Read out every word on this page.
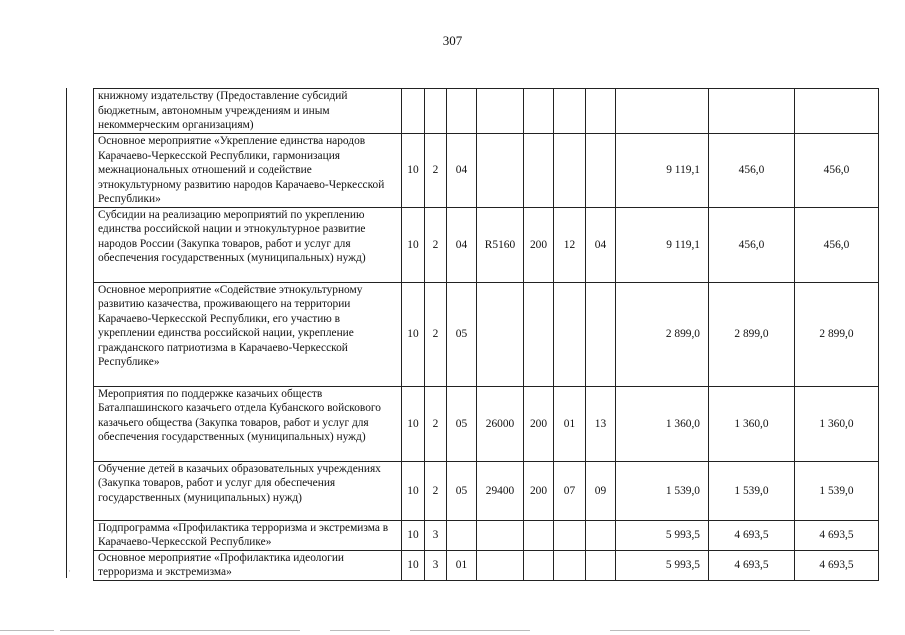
307
·
книжному издательству (Предоставление субсидий бюджетным, автономным учреждениям и иным некоммерческим организациям)										
Основное мероприятие «Укрепление единства народов Карачаево-Черкесской Республики, гармонизация межнациональных отношений и содействие этнокультурному развитию народов Карачаево-Черкесской Республики»	10	2	04					9 119,1	456,0	456,0
Субсидии на реализацию мероприятий по укреплению единства российской нации и этнокультурное развитие народов России (Закупка товаров, работ и услуг для обеспечения государственных (муниципальных) нужд)	10	2	04	R5160	200	12	04	9 119,1	456,0	456,0
Основное мероприятие «Содействие этнокультурному развитию казачества, проживающего на территории Карачаево-Черкесской Республики, его участию в укреплении единства российской нации, укрепление гражданского патриотизма в Карачаево-Черкесской Республике»	10	2	05					2 899,0	2 899,0	2 899,0
Мероприятия по поддержке казачьих обществ Баталпашинского казачьего отдела Кубанского войскового казачьего общества (Закупка товаров, работ и услуг для обеспечения государственных (муниципальных) нужд)	10	2	05	26000	200	01	13	1 360,0	1 360,0	1 360,0
Обучение детей в казачьих образовательных учреждениях (Закупка товаров, работ и услуг для обеспечения государственных (муниципальных) нужд)	10	2	05	29400	200	07	09	1 539,0	1 539,0	1 539,0
Подпрограмма «Профилактика терроризма и экстремизма в Карачаево-Черкесской Республике»	10	3						5 993,5	4 693,5	4 693,5
Основное мероприятие «Профилактика идеологии терроризма и экстремизма»	10	3	01					5 993,5	4 693,5	4 693,5
